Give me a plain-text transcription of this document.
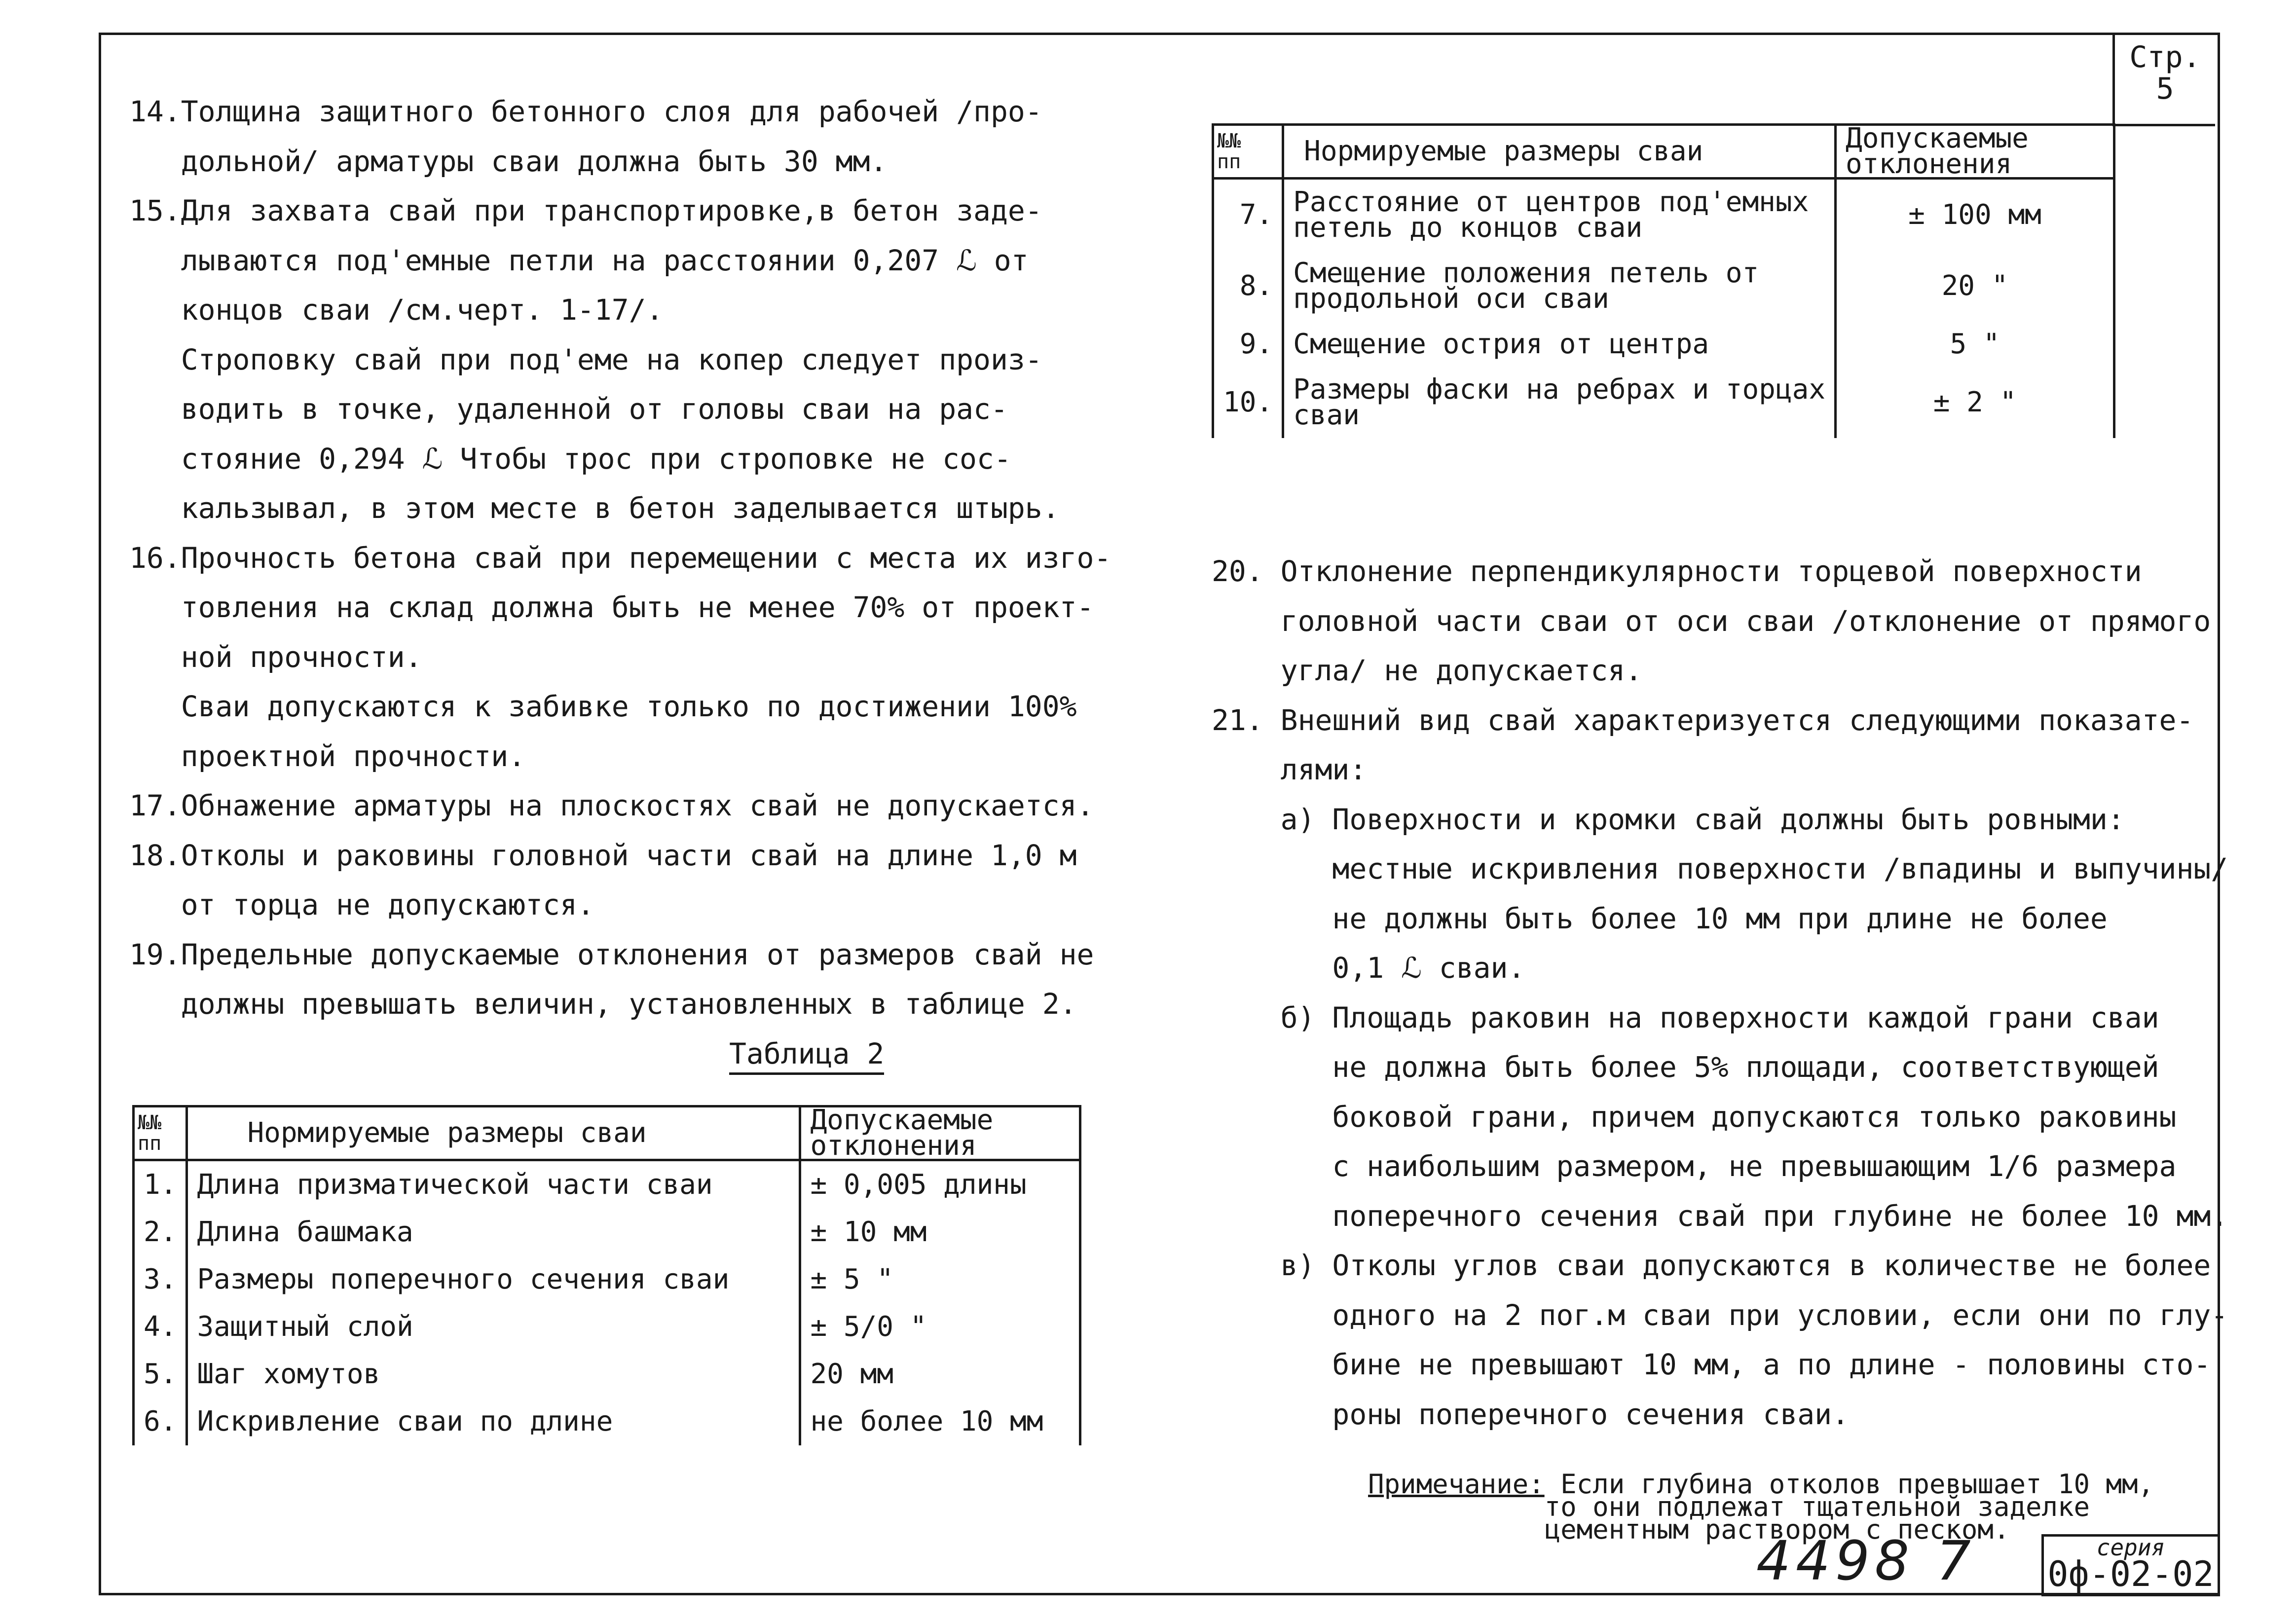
Стр.
5
14.Толщина защитного бетонного слоя для рабочей /про-
дольной/ арматуры сваи должна быть 30 мм.
15.Для захвата свай при транспортировке,в бетон заде-
лываются под'емные петли на расстоянии 0,207 ℒ от
концов сваи /см.черт. 1-17/.
Строповку свай при под'еме на копер следует произ-
водить в точке, удаленной от головы сваи на рас-
стояние 0,294 ℒ Чтобы трос при строповке не сос-
кальзывал, в этом месте в бетон заделывается штырь.
16.Прочность бетона свай при перемещении с места их изго-
товления на склад должна быть не менее 70% от проект-
ной прочности.
Сваи допускаются к забивке только по достижении 100%
проектной прочности.
17.Обнажение арматуры на плоскостях свай не допускается.
18.Отколы и раковины головной части свай на длине 1,0 м
от торца не допускаются.
19.Предельные допускаемые отклонения от размеров свай не
должны превышать величин, установленных в таблице 2.
Таблица 2
№№
пп	Нормируемые размеры сваи	Допускаемые
отклонения
1.	Длина призматической части сваи	± 0,005 длины
2.	Длина башмака	± 10 мм
3.	Размеры поперечного сечения сваи	± 5 "
4.	Защитный слой	± 5/0 "
5.	Шаг хомутов	20 мм
6.	Искривление сваи по длине	не более 10 мм
№№
пп	Нормируемые размеры сваи	Допускаемые
отклонения
7.	Расстояние от центров под'емных
петель до концов сваи	± 100 мм
8.	Смещение положения петель от
продольной оси сваи	20 "
9.	Смещение острия от центра	5 "
10.	Размеры фаски на ребрах и торцах
сваи	± 2 "
20. Отклонение перпендикулярности торцевой поверхности
головной части сваи от оси сваи /отклонение от прямого
угла/ не допускается.
21. Внешний вид свай характеризуется следующими показате-
лями:
а) Поверхности и кромки свай должны быть ровными:
местные искривления поверхности /впадины и выпучины/
не должны быть более 10 мм при длине не более
0,1 ℒ сваи.
б) Площадь раковин на поверхности каждой грани сваи
не должна быть более 5% площади, соответствующей
боковой грани, причем допускаются только раковины
с наибольшим размером, не превышающим 1/6 размера
поперечного сечения свай при глубине не более 10 мм.
в) Отколы углов сваи допускаются в количестве не более
одного на 2 пог.м сваи при условии, если они по глу-
бине не превышают 10 мм, а по длине - половины сто-
роны поперечного сечения сваи.

Примечание: Если глубина отколов превышает 10 мм,
то они подлежат тщательной заделке
цементным раствором с песком.

4498 7	серия
0ф-02-02
